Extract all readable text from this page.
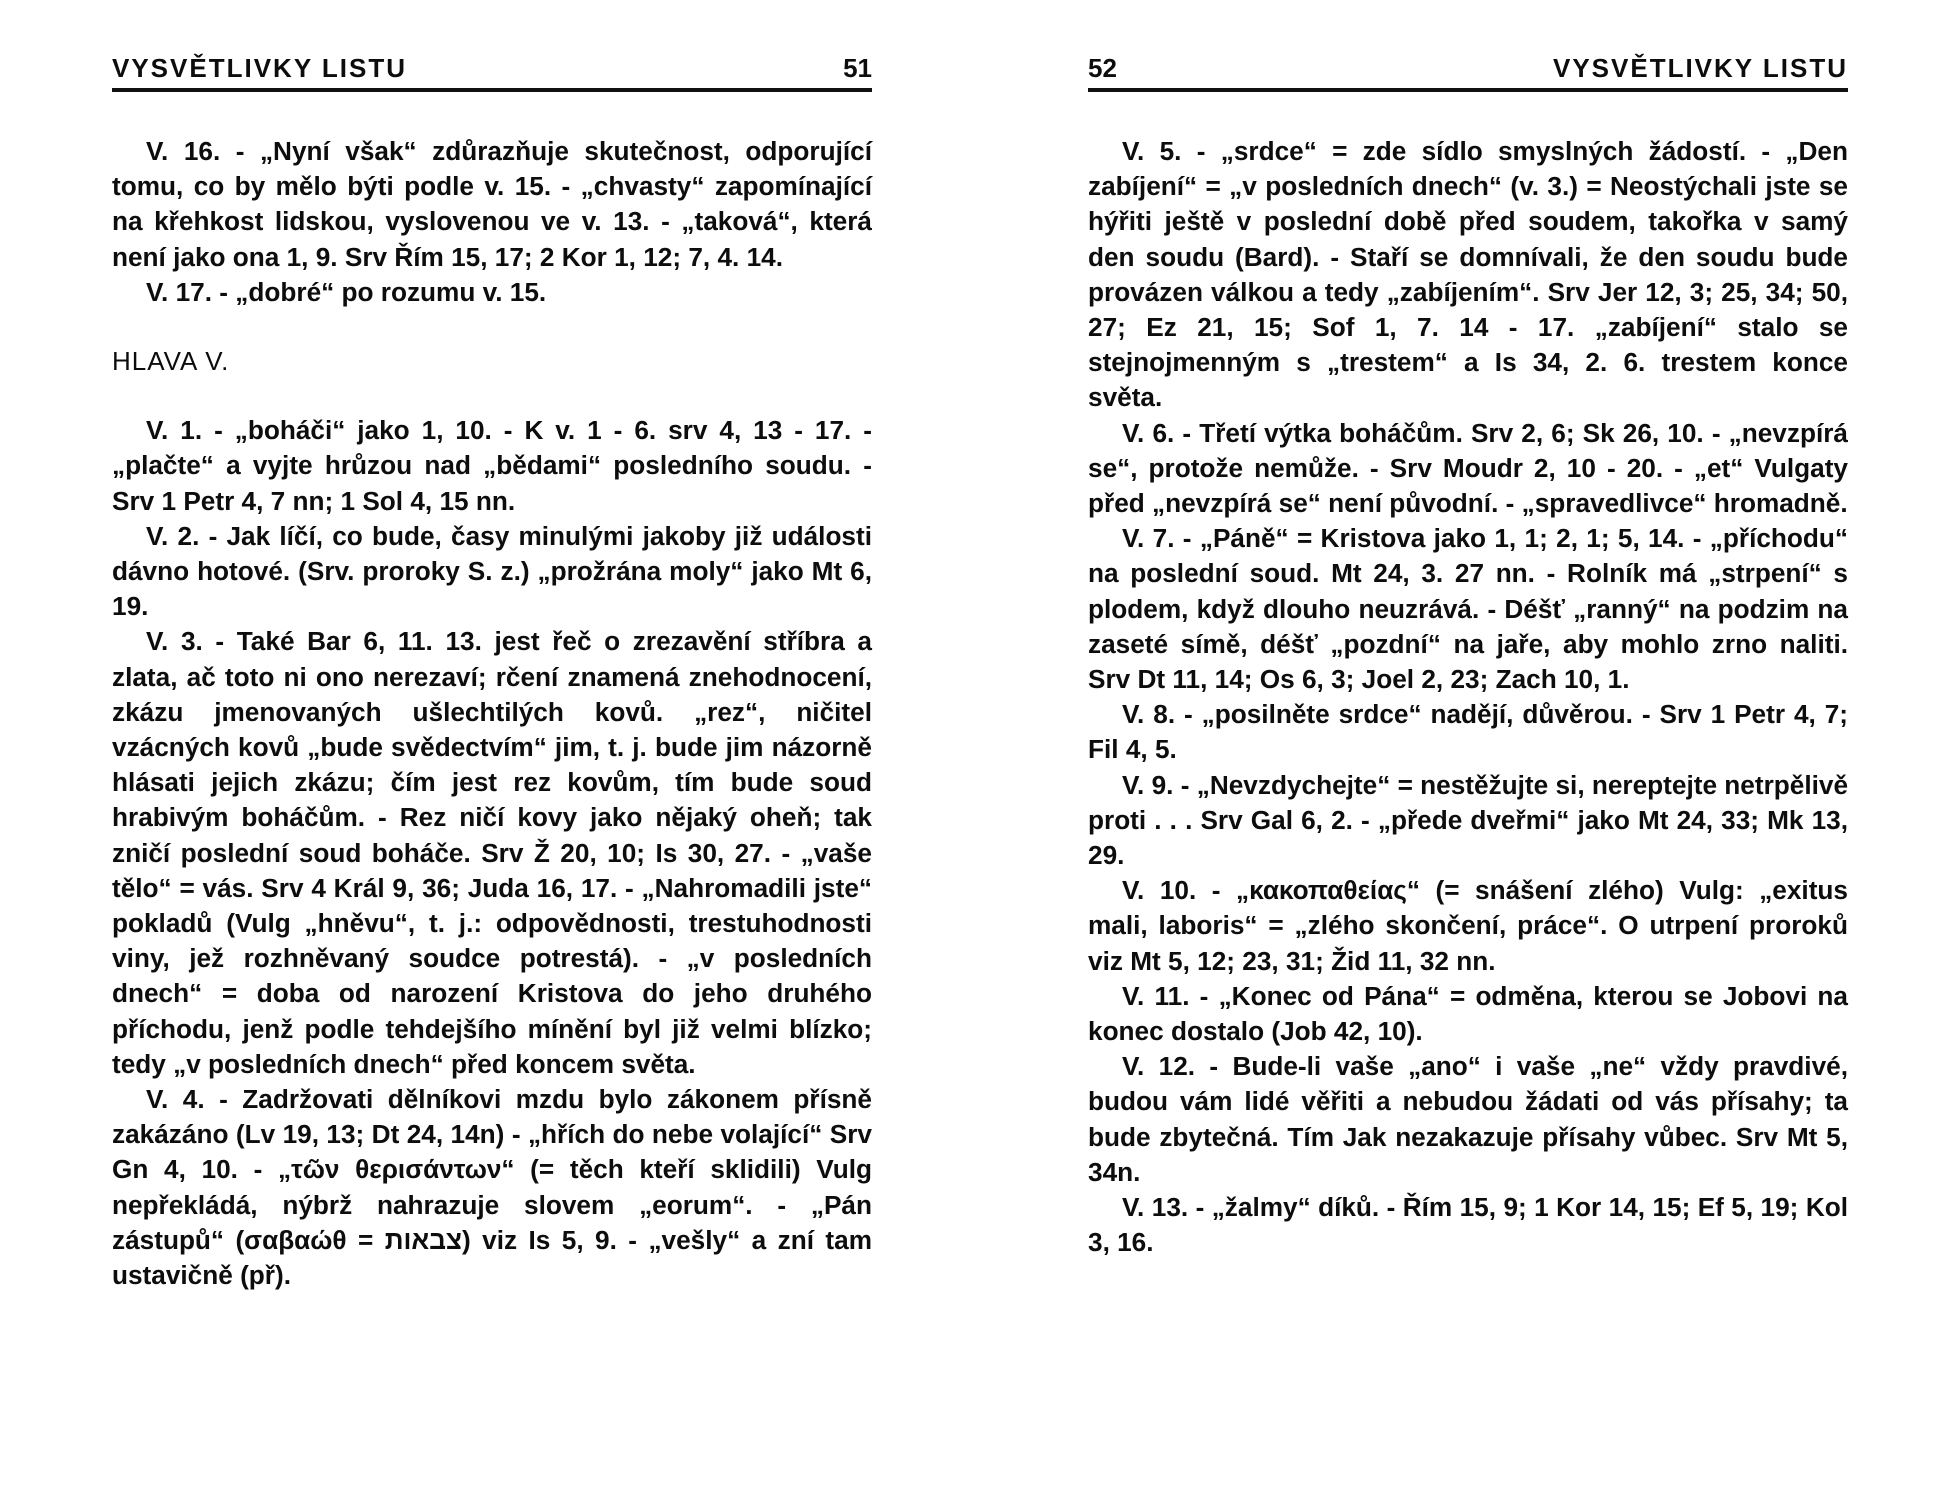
VYSVĚTLIVKY LISTU	51

V. 16. - „Nyní však“ zdůrazňuje skutečnost, odporující tomu, co by mělo býti podle v. 15. - „chvasty“ zapomínající na křehkost lidskou, vyslovenou ve v. 13. - „taková“, která není jako ona 1, 9. Srv Řím 15, 17; 2 Kor 1, 12; 7, 4. 14.

V. 17. - „dobré“ po rozumu v. 15.

HLAVA V.

V. 1. - „boháči“ jako 1, 10. - K v. 1 - 6. srv 4, 13 - 17. - „plačte“ a vyjte hrůzou nad „bědami“ posledního soudu. - Srv 1 Petr 4, 7 nn; 1 Sol 4, 15 nn.

V. 2. - Jak líčí, co bude, časy minulými jakoby již události dávno hotové. (Srv. proroky S. z.) „prožrána moly“ jako Mt 6, 19.

V. 3. - Také Bar 6, 11. 13. jest řeč o zrezavění stříbra a zlata, ač toto ni ono nerezaví; rčení znamená znehodnocení, zkázu jmenovaných ušlechtilých kovů. „rez“, ničitel vzácných kovů „bude svědectvím“ jim, t. j. bude jim názorně hlásati jejich zkázu; čím jest rez kovům, tím bude soud hrabivým boháčům. - Rez ničí kovy jako nějaký oheň; tak zničí poslední soud boháče. Srv Ž 20, 10; Is 30, 27. - „vaše tělo“ = vás. Srv 4 Král 9, 36; Juda 16, 17. - „Nahromadili jste“ pokladů (Vulg „hněvu“, t. j.: odpovědnosti, trestuhodnosti viny, jež rozhněvaný soudce potrestá). - „v posledních dnech“ = doba od narození Kristova do jeho druhého příchodu, jenž podle tehdejšího mínění byl již velmi blízko; tedy „v posledních dnech“ před koncem světa.

V. 4. - Zadržovati dělníkovi mzdu bylo zákonem přísně zakázáno (Lv 19, 13; Dt 24, 14n) - „hřích do nebe volající“ Srv Gn 4, 10. - „τῶν θερισάντων“ (= těch kteří sklidili) Vulg nepřekládá, nýbrž nahrazuje slovem „eorum“. - „Pán zástupů“ (σαβαώθ = צבאות) viz Is 5, 9. - „vešly“ a zní tam ustavičně (př).

52	VYSVĚTLIVKY LISTU

V. 5. - „srdce“ = zde sídlo smyslných žádostí. - „Den zabíjení“ = „v posledních dnech“ (v. 3.) = Neostýchali jste se hýřiti ještě v poslední době před soudem, takořka v samý den soudu (Bard). - Staří se domnívali, že den soudu bude provázen válkou a tedy „zabíjením“. Srv Jer 12, 3; 25, 34; 50, 27; Ez 21, 15; Sof 1, 7. 14 - 17. „zabíjení“ stalo se stejnojmenným s „trestem“ a Is 34, 2. 6. trestem konce světa.

V. 6. - Třetí výtka boháčům. Srv 2, 6; Sk 26, 10. - „nevzpírá se“, protože nemůže. - Srv Moudr 2, 10 - 20. - „et“ Vulgaty před „nevzpírá se“ není původní. - „spravedlivce“ hromadně.

V. 7. - „Páně“ = Kristova jako 1, 1; 2, 1; 5, 14. - „příchodu“ na poslední soud. Mt 24, 3. 27 nn. - Rolník má „strpení“ s plodem, když dlouho neuzrává. - Déšť „ranný“ na podzim na zaseté símě, déšť „pozdní“ na jaře, aby mohlo zrno naliti. Srv Dt 11, 14; Os 6, 3; Joel 2, 23; Zach 10, 1.

V. 8. - „posilněte srdce“ nadějí, důvěrou. - Srv 1 Petr 4, 7; Fil 4, 5.

V. 9. - „Nevzdychejte“ = nestěžujte si, nereptejte netrpělivě proti . . . Srv Gal 6, 2. - „přede dveřmi“ jako Mt 24, 33; Mk 13, 29.

V. 10. - „κακοπαθείας“ (= snášení zlého) Vulg: „exitus mali, laboris“ = „zlého skončení, práce“. O utrpení proroků viz Mt 5, 12; 23, 31; Žid 11, 32 nn.

V. 11. - „Konec od Pána“ = odměna, kterou se Jobovi na konec dostalo (Job 42, 10).

V. 12. - Bude-li vaše „ano“ i vaše „ne“ vždy pravdivé, budou vám lidé věřiti a nebudou žádati od vás přísahy; ta bude zbytečná. Tím Jak nezakazuje přísahy vůbec. Srv Mt 5, 34n.

V. 13. - „žalmy“ díků. - Řím 15, 9; 1 Kor 14, 15; Ef 5, 19; Kol 3, 16.
